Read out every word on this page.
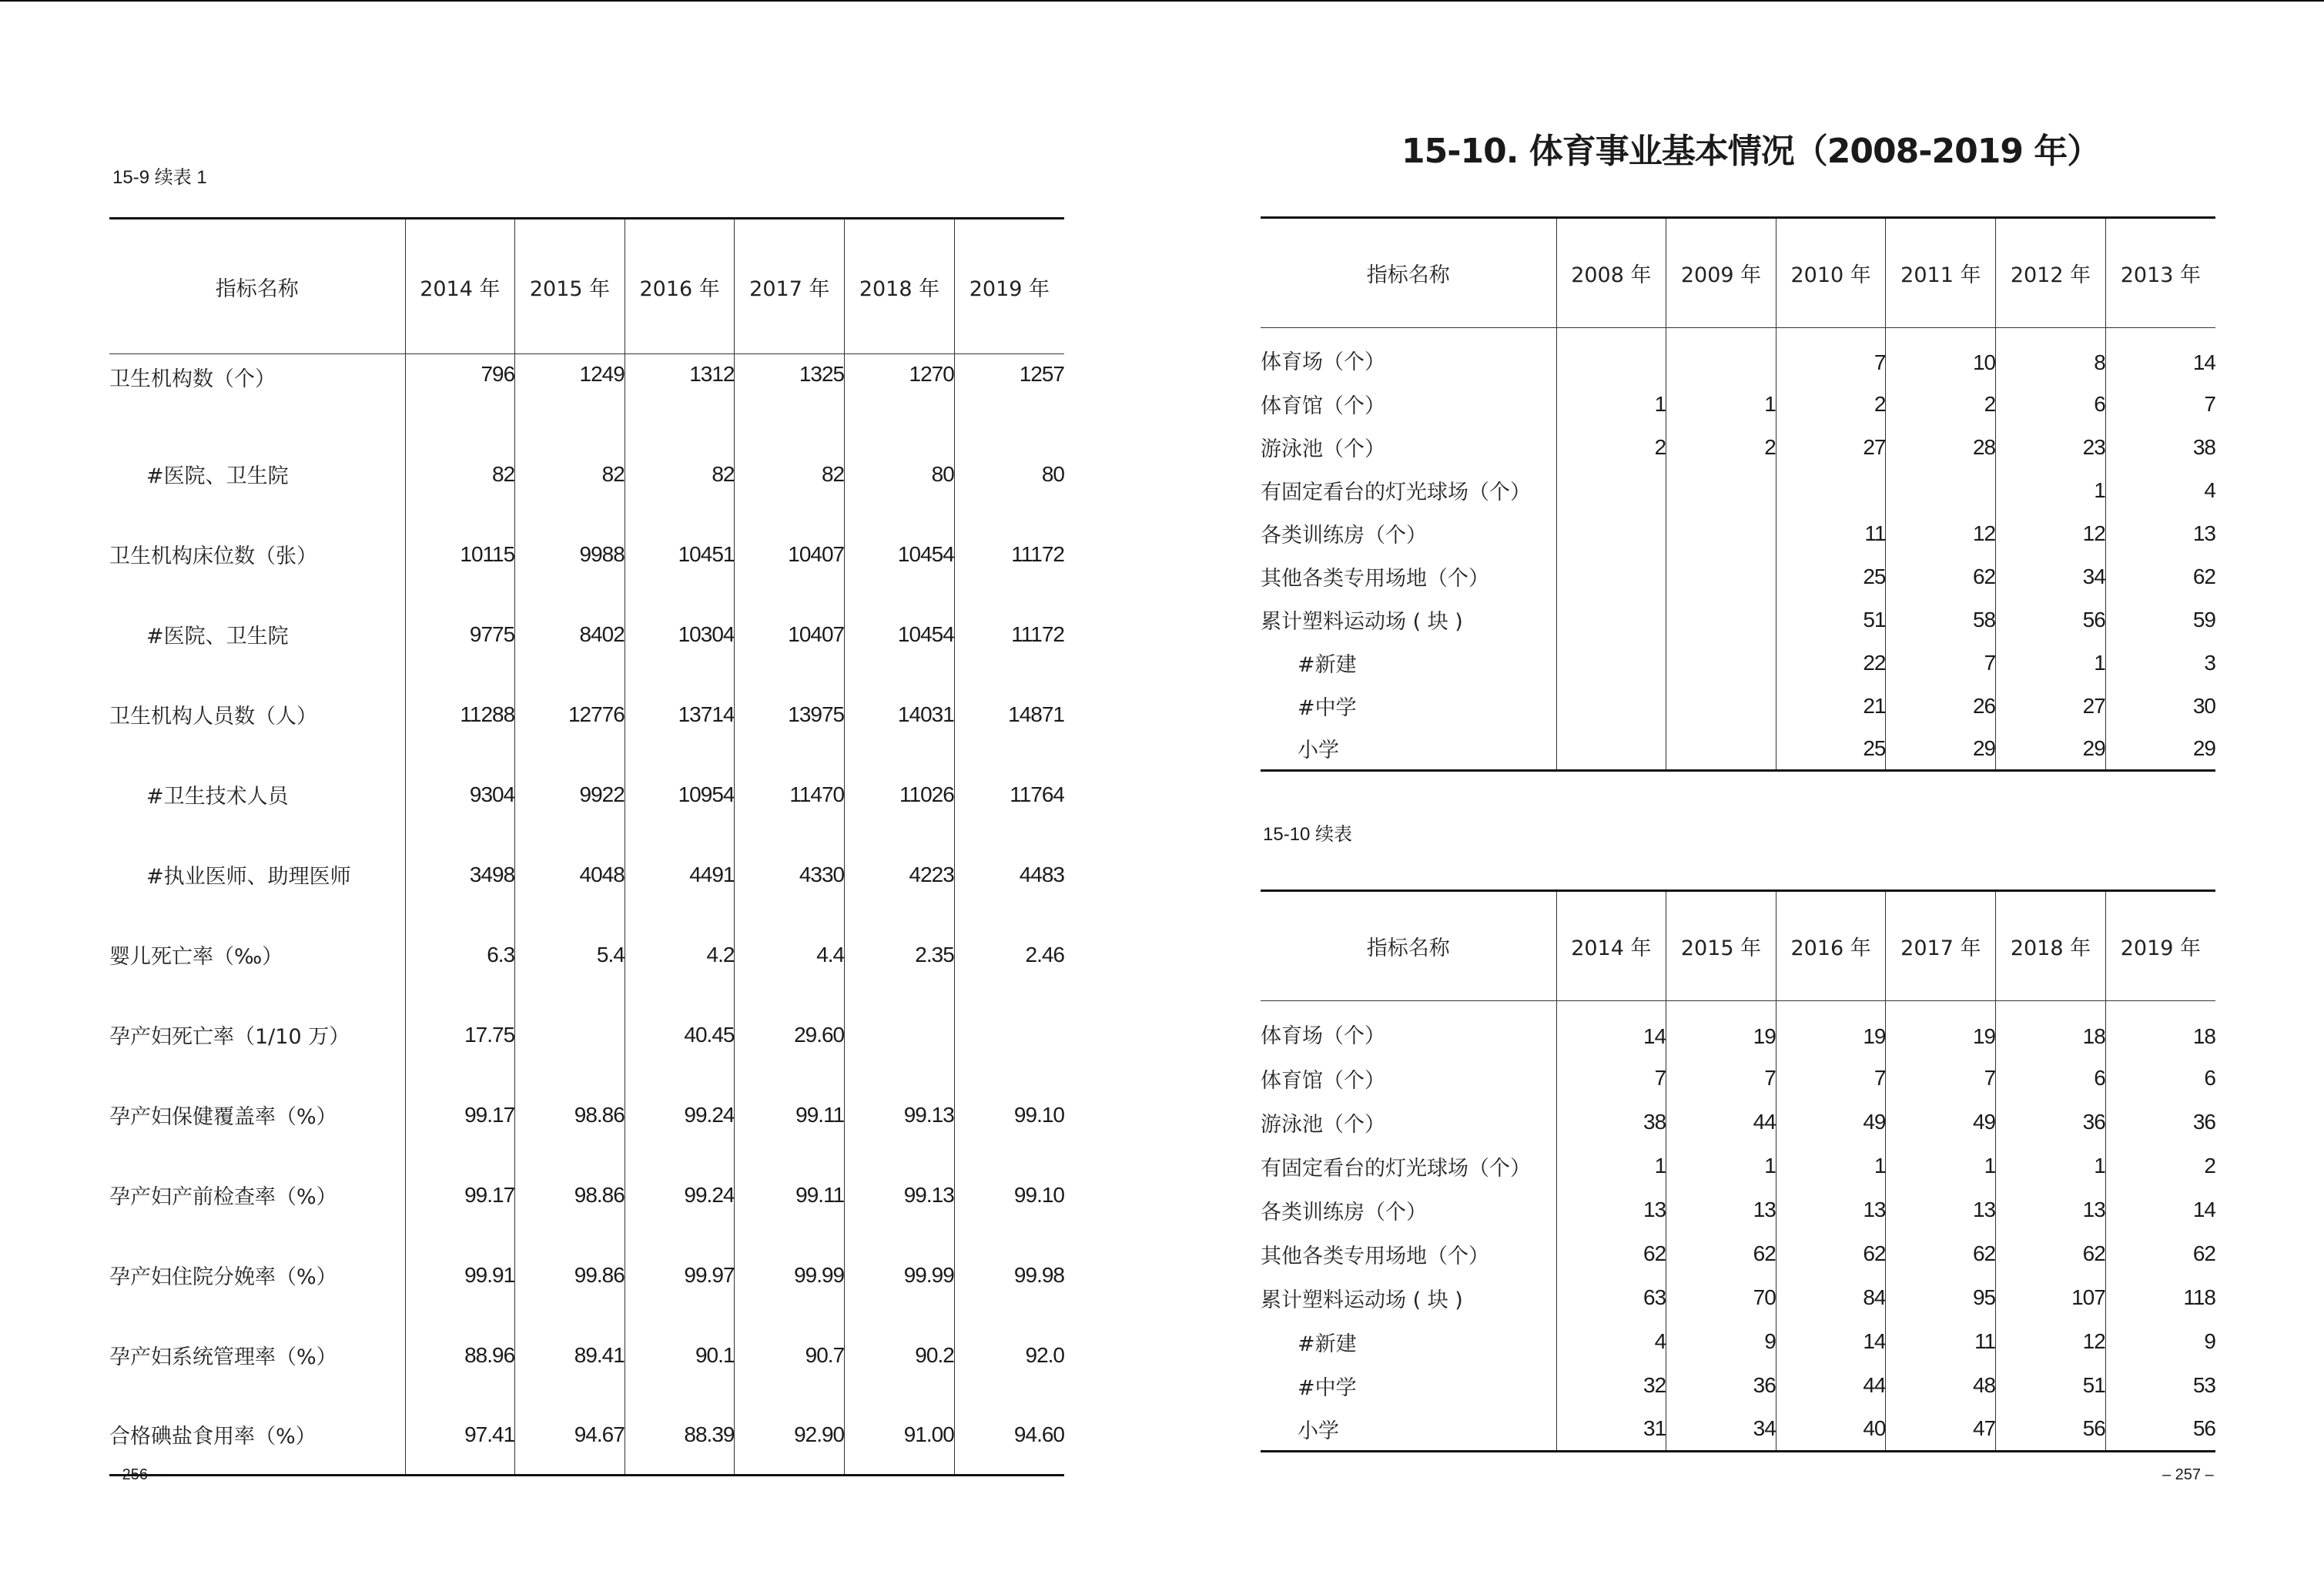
15-9 续表 1
指标名称	2014 年	2015 年	2016 年	2017 年	2018 年	2019 年
卫生机构数（个）	796	1249	1312	1325	1270	1257
#医院、卫生院	82	82	82	82	80	80
卫生机构床位数（张）	10115	9988	10451	10407	10454	11172
#医院、卫生院	9775	8402	10304	10407	10454	11172
卫生机构人员数（人）	11288	12776	13714	13975	14031	14871
#卫生技术人员	9304	9922	10954	11470	11026	11764
#执业医师、助理医师	3498	4048	4491	4330	4223	4483
婴儿死亡率（‰）	6.3	5.4	4.2	4.4	2.35	2.46
孕产妇死亡率（1/10 万）	17.75		40.45	29.60		
孕产妇保健覆盖率（%）	99.17	98.86	99.24	99.11	99.13	99.10
孕产妇产前检查率（%）	99.17	98.86	99.24	99.11	99.13	99.10
孕产妇住院分娩率（%）	99.91	99.86	99.97	99.99	99.99	99.98
孕产妇系统管理率（%）	88.96	89.41	90.1	90.7	90.2	92.0
合格碘盐食用率（%）	97.41	94.67	88.39	92.90	91.00	94.60
– 256 –
15-10. 体育事业基本情况（2008-2019 年）
指标名称	2008 年	2009 年	2010 年	2011 年	2012 年	2013 年
体育场（个）			7	10	8	14
体育馆（个）	1	1	2	2	6	7
游泳池（个）	2	2	27	28	23	38
有固定看台的灯光球场（个）					1	4
各类训练房（个）			11	12	12	13
其他各类专用场地（个）			25	62	34	62
累计塑料运动场 ( 块 )			51	58	56	59
#新建			22	7	1	3
#中学			21	26	27	30
小学			25	29	29	29
15-10 续表
指标名称	2014 年	2015 年	2016 年	2017 年	2018 年	2019 年
体育场（个）	14	19	19	19	18	18
体育馆（个）	7	7	7	7	6	6
游泳池（个）	38	44	49	49	36	36
有固定看台的灯光球场（个）	1	1	1	1	1	2
各类训练房（个）	13	13	13	13	13	14
其他各类专用场地（个）	62	62	62	62	62	62
累计塑料运动场 ( 块 )	63	70	84	95	107	118
#新建	4	9	14	11	12	9
#中学	32	36	44	48	51	53
小学	31	34	40	47	56	56
– 257 –
